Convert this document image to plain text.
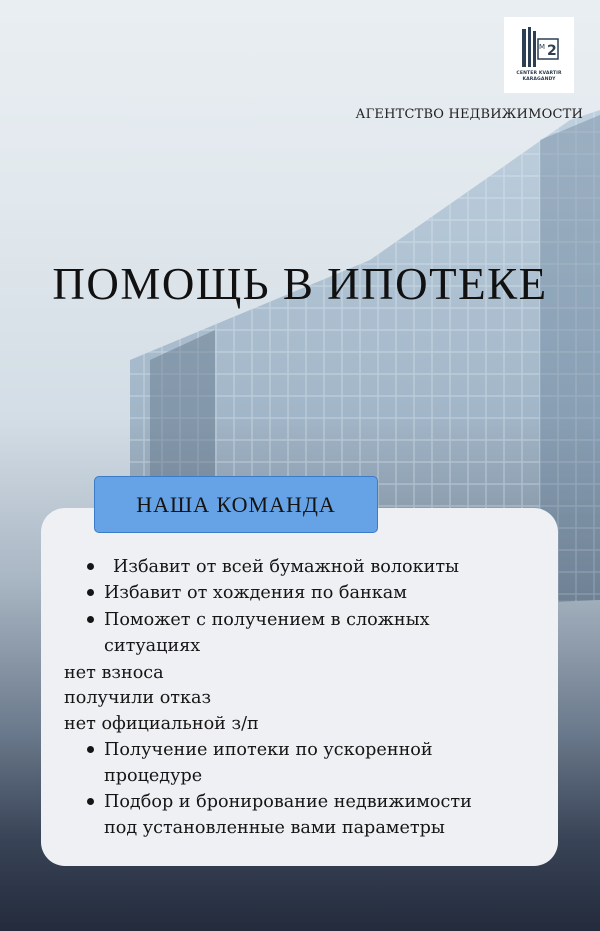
2
M
CENTER KVARTIR
KARAGANDY
АГЕНТСТВО НЕДВИЖИМОСТИ
ПОМОЩЬ В ИПОТЕКЕ
НАША КОМАНДА
Избавит от всей бумажной волокиты
Избавит от хождения по банкам
Поможет с получением в сложных
ситуациях
нет взноса
получили отказ
нет официальной з/п
Получение ипотеки по ускоренной
процедуре
Подбор и бронирование недвижимости
под установленные вами параметры
